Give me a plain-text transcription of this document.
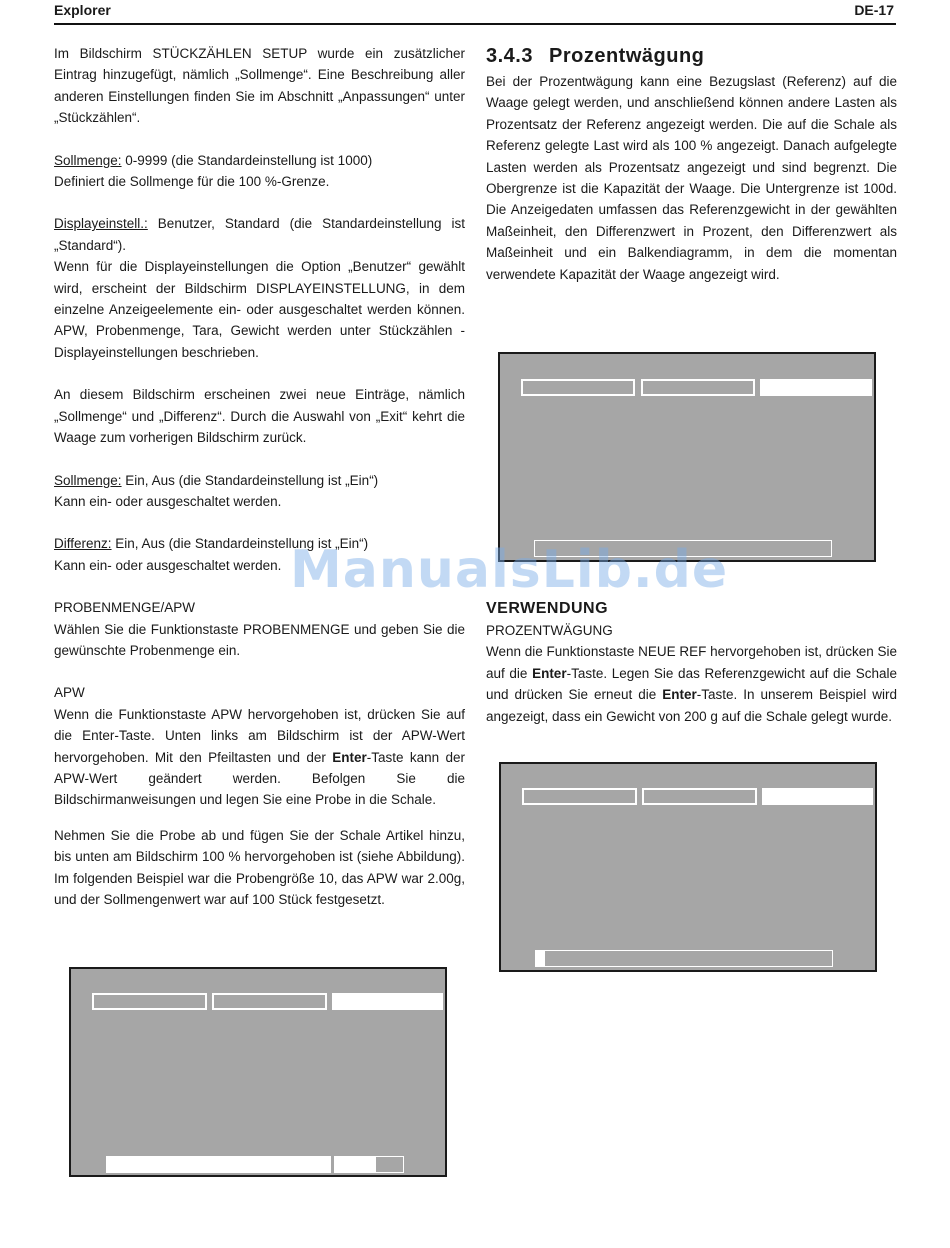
Explorer	DE-17

Im Bildschirm STÜCKZÄHLEN SETUP wurde ein zusätzlicher Eintrag hinzugefügt, nämlich „Sollmenge“. Eine Beschreibung aller anderen Einstellungen finden Sie im Abschnitt „Anpassungen“ unter „Stückzählen“.

Sollmenge: 0-9999 (die Standardeinstellung ist 1000)

Definiert die Sollmenge für die 100 %-Grenze.

Displayeinstell.: Benutzer, Standard (die Standardeinstellung ist „Standard“).

Wenn für die Displayeinstellungen die Option „Benutzer“ gewählt wird, erscheint der Bildschirm DISPLAYEINSTELLUNG, in dem einzelne Anzeigeelemente ein- oder ausgeschaltet werden können. APW, Probenmenge, Tara, Gewicht werden unter Stückzählen - Displayeinstellungen beschrieben.

An diesem Bildschirm erscheinen zwei neue Einträge, nämlich „Sollmenge“ und „Differenz“. Durch die Auswahl von „Exit“ kehrt die Waage zum vorherigen Bildschirm zurück.

Sollmenge: Ein, Aus (die Standardeinstellung ist „Ein“)

Kann ein- oder ausgeschaltet werden.

Differenz: Ein, Aus (die Standardeinstellung ist „Ein“)

Kann ein- oder ausgeschaltet werden.

PROBENMENGE/APW

Wählen Sie die Funktionstaste PROBENMENGE und geben Sie die gewünschte Probenmenge ein.

APW

Wenn die Funktionstaste APW hervorgehoben ist, drücken Sie auf die Enter-Taste. Unten links am Bildschirm ist der APW-Wert hervorgehoben. Mit den Pfeiltasten und der Enter-Taste kann der APW-Wert geändert werden. Befolgen Sie die Bildschirmanweisungen und legen Sie eine Probe in die Schale.

Nehmen Sie die Probe ab und fügen Sie der Schale Artikel hinzu, bis unten am Bildschirm 100 % hervorgehoben ist (siehe Abbildung). Im folgenden Beispiel war die Probengröße 10, das APW war 2.00g, und der Sollmengenwert war auf 100 Stück festgesetzt.

3.4.3 Prozentwägung

Bei der Prozentwägung kann eine Bezugslast (Referenz) auf die Waage gelegt werden, und anschließend können andere Lasten als Prozentsatz der Referenz angezeigt werden. Die auf die Schale als Referenz gelegte Last wird als 100 % angezeigt. Danach aufgelegte Lasten werden als Prozentsatz angezeigt und sind begrenzt. Die Obergrenze ist die Kapazität der Waage. Die Untergrenze ist 100d. Die Anzeigedaten umfassen das Referenzgewicht in der gewählten Maßeinheit, den Differenzwert in Prozent, den Differenzwert als Maßeinheit und ein Balkendiagramm, in dem die momentan verwendete Kapazität der Waage angezeigt wird.

VERWENDUNG

PROZENTWÄGUNG

Wenn die Funktionstaste NEUE REF hervorgehoben ist, drücken Sie auf die Enter-Taste. Legen Sie das Referenzgewicht auf die Schale und drücken Sie erneut die Enter-Taste. In unserem Beispiel wird angezeigt, dass ein Gewicht von 200 g auf die Schale gelegt wurde.

ManualsLib.de
